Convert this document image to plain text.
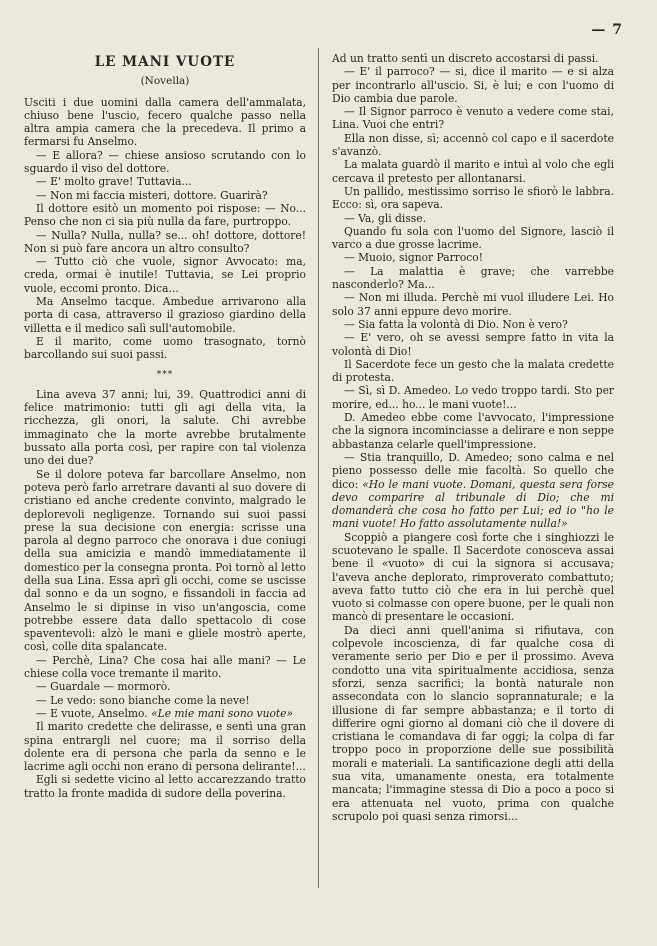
— 7
LE MANI VUOTE
(Novella)

Usciti i due uomini dalla camera dell'ammalata, chiuso bene l'uscio, fecero qualche passo nella altra ampia camera che la precedeva. Il primo a fermarsi fu Anselmo.

— E allora? — chiese ansioso scrutando con lo sguardo il viso del dottore.

— E' molto grave! Tuttavia...

— Non mi faccia misteri, dottore. Guarirà?

Il dottore esitò un momento poi rispose: — No... Penso che non ci sia più nulla da fare, purtroppo.

— Nulla? Nulla, nulla? se... oh! dottore, dottore! Non si può fare ancora un altro consulto?

— Tutto ciò che vuole, signor Avvocato: ma, creda, ormai è inutile! Tuttavia, se Lei proprio vuole, eccomi pronto. Dica...

Ma Anselmo tacque. Ambedue arrivarono alla porta di casa, attraverso il grazioso giardino della villetta e il medico salì sull'automobile.

E il marito, come uomo trasognato, tornò barcollando sui suoi passi.

***

Lina aveva 37 anni; lui, 39. Quattrodici anni di felice matrimonio: tutti gli agi della vita, la ricchezza, gli onori, la salute. Chi avrebbe immaginato che la morte avrebbe brutalmente bussato alla porta così, per rapire con tal violenza uno dei due?

Se il dolore poteva far barcollare Anselmo, non poteva però farlo arretrare davanti al suo dovere di cristiano ed anche credente convinto, malgrado le deplorevoli negligenze. Tornando sui suoi passi prese la sua decisione con energia: scrisse una parola al degno parroco che onorava i due coniugi della sua amicizia e mandò immediatamente il domestico per la consegna pronta. Poi tornò al letto della sua Lina. Essa aprì gli occhi, come se uscisse dal sonno e da un sogno, e fissandoli in faccia ad Anselmo le si dipinse in viso un'angoscia, come potrebbe essere data dallo spettacolo di cose spaventevoli: alzò le mani e gliele mostrò aperte, così, colle dita spalancate.

— Perchè, Lina? Che cosa hai alle mani? — Le chiese colla voce tremante il marito.

— Guardale — mormorò.

— Le vedo: sono bianche come la neve!

— E vuote, Anselmo. «Le mie mani sono vuote»

Il marito credette che delirasse, e sentì una gran spina entrargli nel cuore; ma il sorriso della dolente era di persona che parla da senno e le lacrime agli occhi non erano di persona delirante!...

Egli si sedette vicino al letto accarezzando tratto tratto la fronte madida di sudore della poverina.

Ad un tratto sentì un discreto accostarsi di passi.

— E' il parroco? — si, dice il marito — e si alza per incontrarlo all'uscio. Si, è lui; e con l'uomo di Dio cambia due parole.

— Il Signor parroco è venuto a vedere come stai, Lina. Vuoi che entri?

Ella non disse, sì; accennò col capo e il sacerdote s'avanzò.

La malata guardò il marito e intuì al volo che egli cercava il pretesto per allontanarsi.

Un pallido, mestissimo sorriso le sfiorò le labbra. Ecco: sì, ora sapeva.

— Va, gli disse.

Quando fu sola con l'uomo del Signore, lasciò il varco a due grosse lacrime.

— Muoio, signor Parroco!

— La malattia è grave; che varrebbe nasconderlo? Ma...

— Non mi illuda. Perchè mi vuol illudere Lei. Ho solo 37 anni eppure devo morire.

— Sia fatta la volontà di Dio. Non è vero?

— E' vero, oh se avessi sempre fatto in vita la volontà di Dio!

Il Sacerdote fece un gesto che la malata credette di protesta.

— Sì, sì D. Amedeo. Lo vedo troppo tardi. Sto per morire, ed... ho... le mani vuote!...

D. Amedeo ebbe come l'avvocato, l'impressione che la signora incominciasse a delirare e non seppe abbastanza celarle quell'impressione.

— Stia tranquillo, D. Amedeo; sono calma e nel pieno possesso delle mie facoltà. So quello che dico: «Ho le mani vuote. Domani, questa sera forse devo comparire al tribunale di Dio; che mi domanderà che cosa ho fatto per Lui; ed io "ho le mani vuote! Ho fatto assolutamente nulla!»

Scoppiò a piangere così forte che i singhiozzi le scuotevano le spalle. Il Sacerdote conosceva assai bene il «vuoto» di cui la signora si accusava; l'aveva anche deplorato, rimproverato combattuto; aveva fatto tutto ciò che era in lui perchè quel vuoto si colmasse con opere buone, per le quali non mancò di presentare le occasioni.

Da dieci anni quell'anima si rifiutava, con colpevole incoscienza, di far qualche cosa di veramente serio per Dio e per il prossimo. Aveva condotto una vita spiritualmente accidiosa, senza sforzi, senza sacrifici; la bontà naturale non assecondata con lo slancio soprannaturale; e la illusione di far sempre abbastanza; e il torto di differire ogni giorno al domani ciò che il dovere di cristiana le comandava di far oggi; la colpa di far troppo poco in proporzione delle sue possibilità morali e materiali. La santificazione degli atti della sua vita, umanamente onesta, era totalmente mancata; l'immagine stessa di Dio a poco a poco si era attenuata nel vuoto, prima con qualche scrupolo poi quasi senza rimorsi...
